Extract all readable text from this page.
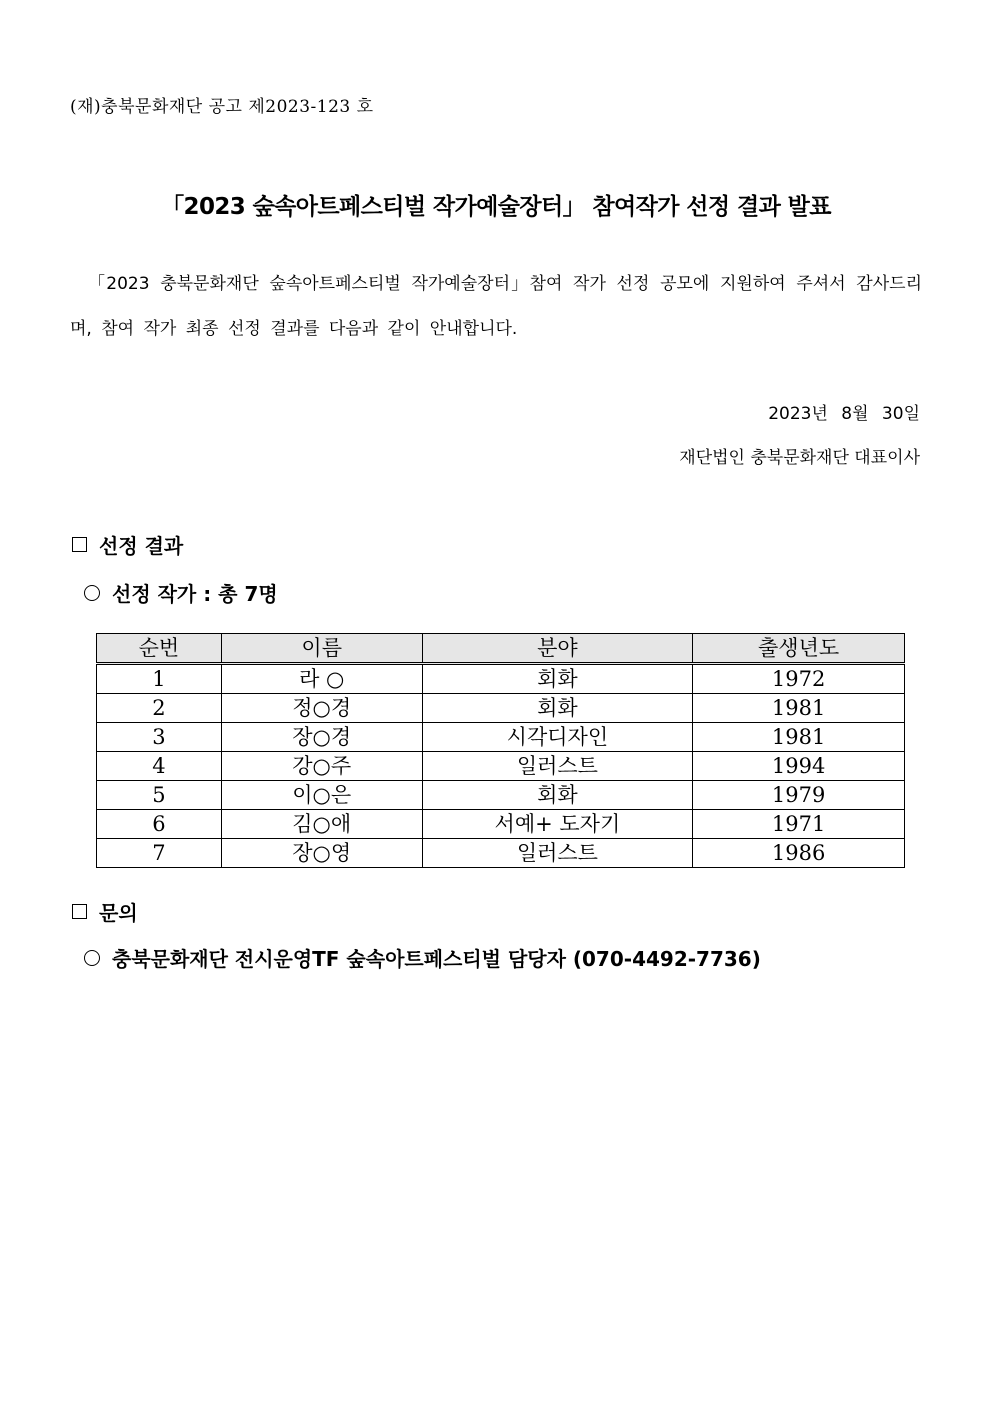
(재)충북문화재단 공고 제2023-123 호
「2023 숲속아트페스티벌 작가예술장터」 참여작가 선정 결과 발표
「2023 충북문화재단 숲속아트페스티벌 작가예술장터」참여 작가 선정 공모에 지원하여 주셔서 감사드리며, 참여 작가 최종 선정 결과를 다음과 같이 안내합니다.
2023년 8월 30일
재단법인 충북문화재단 대표이사
선정 결과
선정 작가 : 총 7명
순번	이름	분야	출생년도
1	라 ○	회화	1972
2	정○경	회화	1981
3	장○경	시각디자인	1981
4	강○주	일러스트	1994
5	이○은	회화	1979
6	김○애	서예+ 도자기	1971
7	장○영	일러스트	1986
문의
충북문화재단 전시운영TF 숲속아트페스티벌 담당자 (070-4492-7736)
